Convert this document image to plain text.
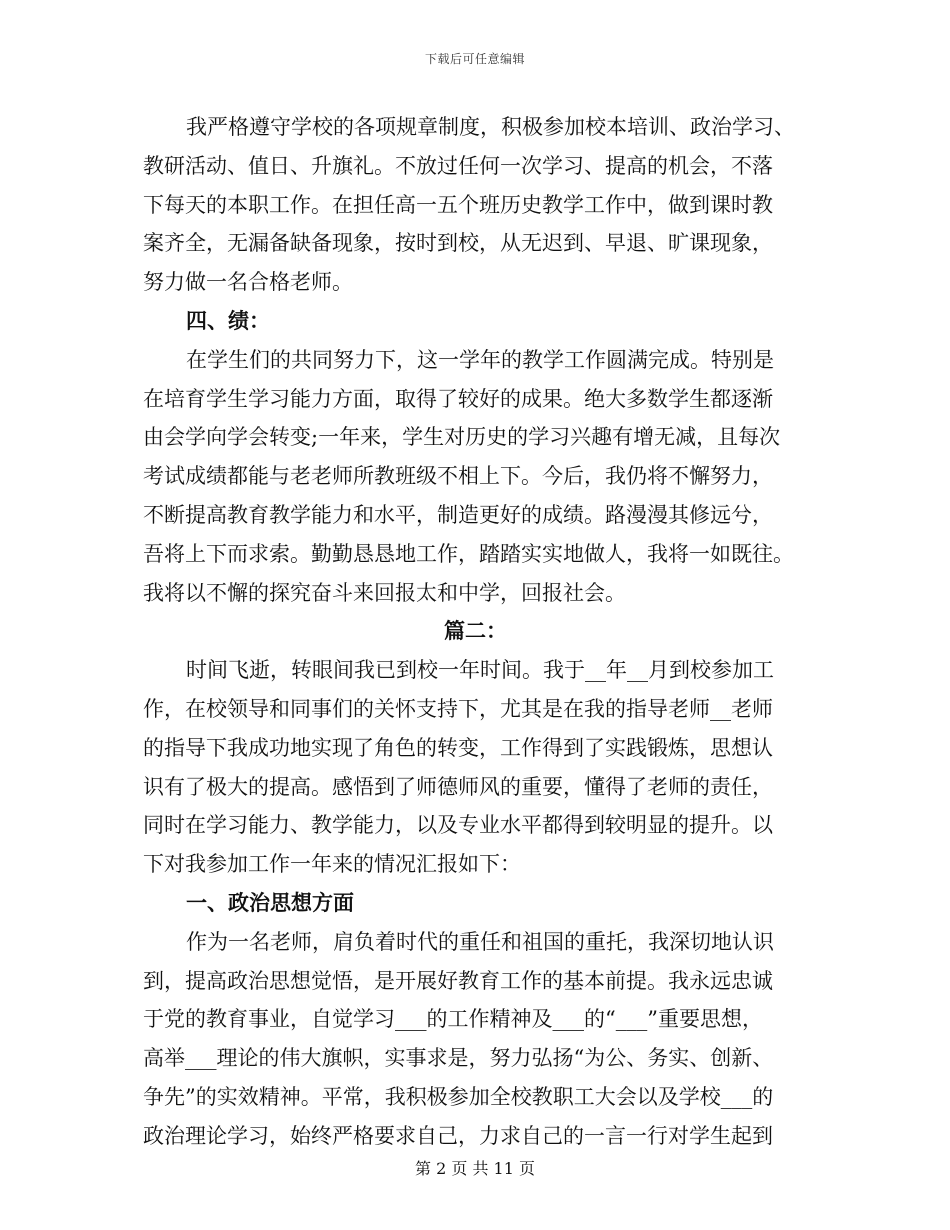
下载后可任意编辑
我严格遵守学校的各项规章制度，积极参加校本培训、政治学习、
教研活动、值日、升旗礼。不放过任何一次学习、提高的机会，不落
下每天的本职工作。在担任高一五个班历史教学工作中，做到课时教
案齐全，无漏备缺备现象，按时到校，从无迟到、早退、旷课现象，
努力做一名合格老师。
四、绩：
在学生们的共同努力下，这一学年的教学工作圆满完成。特别是
在培育学生学习能力方面，取得了较好的成果。绝大多数学生都逐渐
由会学向学会转变;一年来，学生对历史的学习兴趣有增无减，且每次
考试成绩都能与老老师所教班级不相上下。今后，我仍将不懈努力，
不断提高教育教学能力和水平，制造更好的成绩。路漫漫其修远兮，
吾将上下而求索。勤勤恳恳地工作，踏踏实实地做人，我将一如既往。
我将以不懈的探究奋斗来回报太和中学，回报社会。
篇二：
时间飞逝，转眼间我已到校一年时间。我于__年__月到校参加工
作，在校领导和同事们的关怀支持下，尤其是在我的指导老师__老师
的指导下我成功地实现了角色的转变，工作得到了实践锻炼，思想认
识有了极大的提高。感悟到了师德师风的重要，懂得了老师的责任，
同时在学习能力、教学能力，以及专业水平都得到较明显的提升。以
下对我参加工作一年来的情况汇报如下：
一、政治思想方面
作为一名老师，肩负着时代的重任和祖国的重托，我深切地认识
到，提高政治思想觉悟，是开展好教育工作的基本前提。我永远忠诚
于党的教育事业，自觉学习___的工作精神及___的“___”重要思想，
高举___理论的伟大旗帜，实事求是，努力弘扬“为公、务实、创新、
争先”的实效精神。平常，我积极参加全校教职工大会以及学校___的
政治理论学习，始终严格要求自己，力求自己的一言一行对学生起到
第 2 页 共 11 页
